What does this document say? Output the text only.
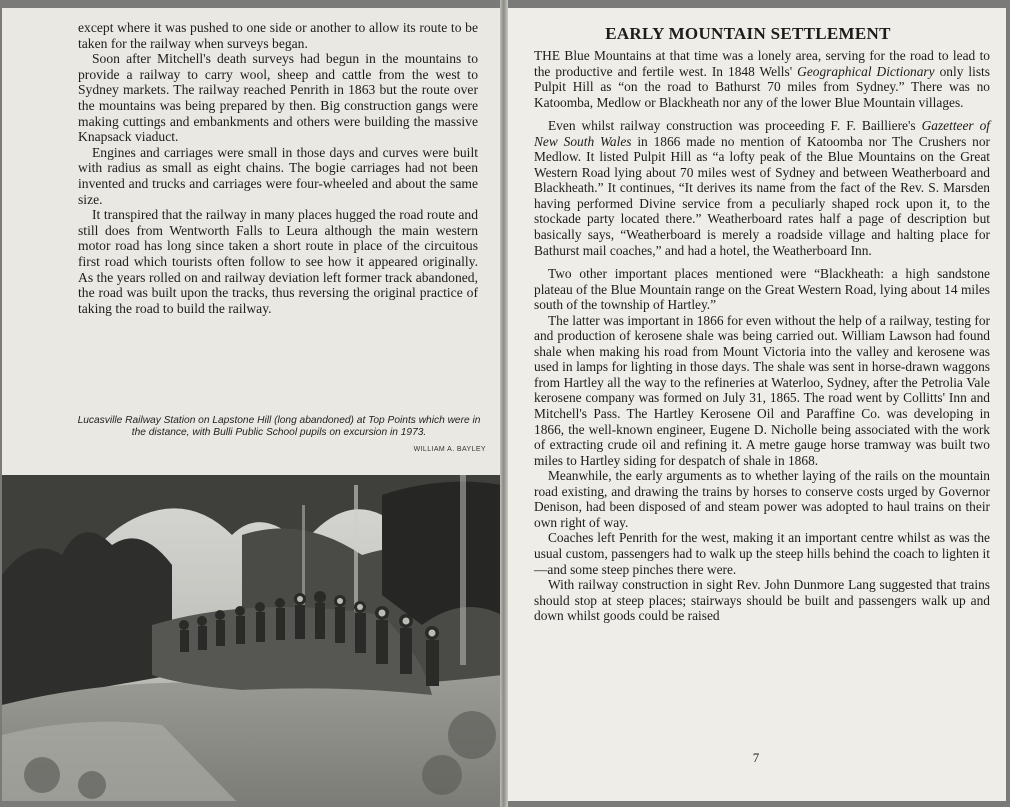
except where it was pushed to one side or another to allow its route to be taken for the railway when surveys began.

Soon after Mitchell's death surveys had begun in the mountains to provide a railway to carry wool, sheep and cattle from the west to Sydney markets. The railway reached Penrith in 1863 but the route over the mountains was being prepared by then. Big construction gangs were making cuttings and embankments and others were building the massive Knapsack viaduct.

Engines and carriages were small in those days and curves were built with radius as small as eight chains. The bogie carriages had not been invented and trucks and carriages were four-wheeled and about the same size.

It transpired that the railway in many places hugged the road route and still does from Wentworth Falls to Leura although the main western motor road has long since taken a short route in place of the circuitous first road which tourists often follow to see how it appeared originally. As the years rolled on and railway deviation left former track abandoned, the road was built upon the tracks, thus reversing the original practice of taking the road to build the railway.

Lucasville Railway Station on Lapstone Hill (long abandoned) at Top Points which were in the distance, with Bulli Public School pupils on excursion in 1973.
WILLIAM A. BAYLEY
EARLY MOUNTAIN SETTLEMENT

THE Blue Mountains at that time was a lonely area, serving for the road to lead to the productive and fertile west. In 1848 Wells' Geographical Dictionary only lists Pulpit Hill as “on the road to Bathurst 70 miles from Sydney.” There was no Katoomba, Medlow or Blackheath nor any of the lower Blue Mountain villages.

Even whilst railway construction was proceeding F. F. Bailliere's Gazetteer of New South Wales in 1866 made no mention of Katoomba nor The Crushers nor Medlow. It listed Pulpit Hill as “a lofty peak of the Blue Mountains on the Great Western Road lying about 70 miles west of Sydney and between Weatherboard and Blackheath.” It continues, “It derives its name from the fact of the Rev. S. Marsden having performed Divine service from a peculiarly shaped rock upon it, to the stockade party located there.” Weatherboard rates half a page of description but basically says, “Weatherboard is merely a roadside village and halting place for Bathurst mail coaches,” and had a hotel, the Weatherboard Inn.

Two other important places mentioned were “Blackheath: a high sandstone plateau of the Blue Mountain range on the Great Western Road, lying about 14 miles south of the township of Hartley.”

The latter was important in 1866 for even without the help of a railway, testing for and production of kerosene shale was being carried out. William Lawson had found shale when making his road from Mount Victoria into the valley and kerosene was used in lamps for lighting in those days. The shale was sent in horse-drawn waggons from Hartley all the way to the refineries at Waterloo, Sydney, after the Petrolia Vale kerosene company was formed on July 31, 1865. The road went by Collitts' Inn and Mitchell's Pass. The Hartley Kerosene Oil and Paraffine Co. was developing in 1866, the well-known engineer, Eugene D. Nicholle being associated with the work of extracting crude oil and refining it. A metre gauge horse tramway was built two miles to Hartley siding for despatch of shale in 1868.

Meanwhile, the early arguments as to whether laying of the rails on the mountain road existing, and drawing the trains by horses to conserve costs urged by Governor Denison, had been disposed of and steam power was adopted to haul trains on their own right of way.

Coaches left Penrith for the west, making it an important centre whilst as was the usual custom, passengers had to walk up the steep hills behind the coach to lighten it—and some steep pinches there were.

With railway construction in sight Rev. John Dunmore Lang suggested that trains should stop at steep places; stairways should be built and passengers walk up and down whilst goods could be raised

7
